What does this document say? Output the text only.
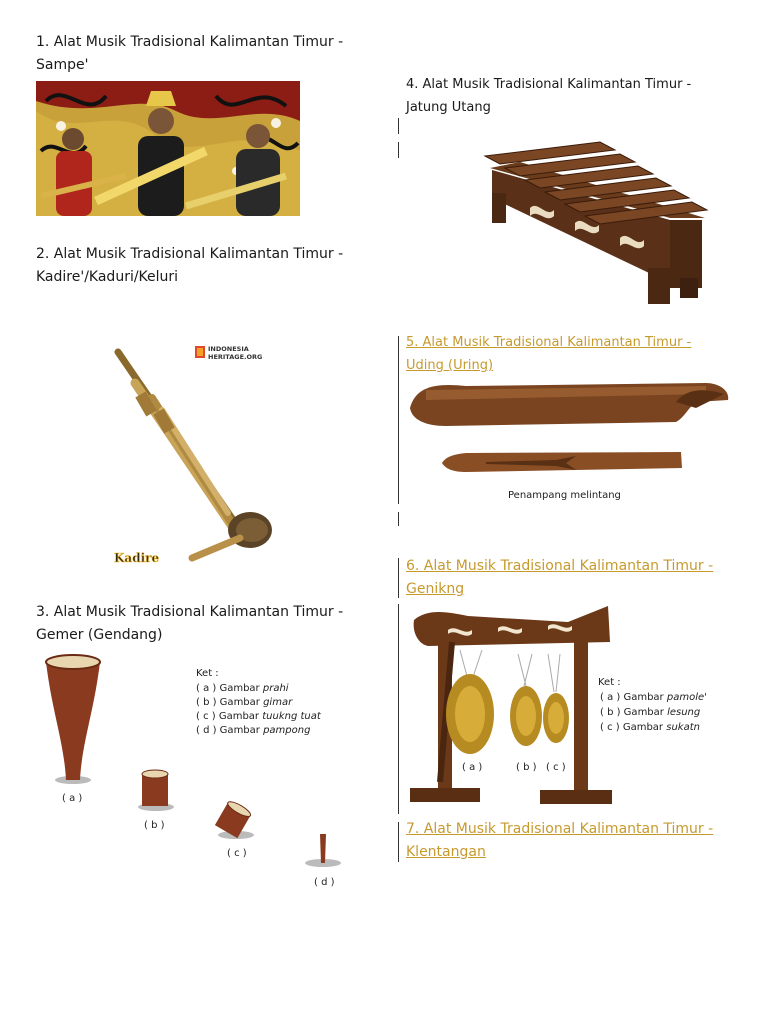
1. Alat Musik Tradisional Kalimantan Timur -
Sampe'
2. Alat Musik Tradisional Kalimantan Timur -
Kadire'/Kaduri/Keluri
INDONESIA
HERITAGE.ORG
Kadire
3. Alat Musik Tradisional Kalimantan Timur -
Gemer (Gendang)
( a )
( b )
( c )
( d )
Ket :
( a ) Gambar prahi
( b ) Gambar gimar
( c ) Gambar tuukng tuat
( d ) Gambar pampong
4. Alat Musik Tradisional Kalimantan Timur -
Jatung Utang
5. Alat Musik Tradisional Kalimantan Timur -
Uding (Uring)
Penampang melintang
6. Alat Musik Tradisional Kalimantan Timur -
Genikng
( a )	( b ) ( c )
Ket :
( a ) Gambar pamole'
( b ) Gambar lesung
( c ) Gambar sukatn
7. Alat Musik Tradisional Kalimantan Timur -
Klentangan
